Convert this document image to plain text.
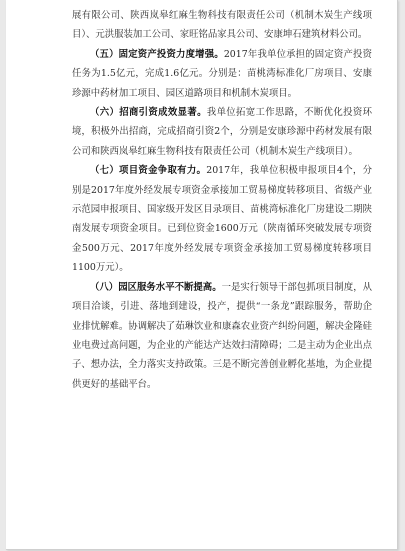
展有限公司、陕西岚皋红麻生物科技有限责任公司（机制木炭生产线项目）、元洪服装加工公司、家旺铭品家具公司、安康坤石建筑材料公司。

（五）固定资产投资力度增强。2017年我单位承担的固定资产投资任务为1.5亿元，完成1.6亿元。分别是：苗桃湾标准化厂房项目、安康珍源中药材加工项目、园区道路项目和机制木炭项目。

（六）招商引资成效显著。我单位拓宽工作思路，不断优化投资环境，积极外出招商，完成招商引资2个，分别是安康珍源中药材发展有限公司和陕西岚皋红麻生物科技有限责任公司（机制木炭生产线项目）。

（七）项目资金争取有力。2017年，我单位积极申报项目4个，分别是2017年度外经发展专项资金承接加工贸易梯度转移项目、省级产业示范园申报项目、国家级开发区目录项目、苗桃湾标准化厂房建设二期陕南发展专项资金项目。已到位资金1600万元（陕南循环突破发展专项资金500万元、2017年度外经发展专项资金承接加工贸易梯度转移项目1100万元）。

（八）园区服务水平不断提高。一是实行领导干部包抓项目制度，从项目洽谈，引进、落地到建设，投产，提供“一条龙”跟踪服务，帮助企业排忧解难。协调解决了茹琳饮业和康森农业资产纠纷问题，解决金隆硅业电费过高问题，为企业的产能达产达效扫清障碍；二是主动为企业出点子、想办法，全力落实支持政策。三是不断完善创业孵化基地，为企业提供更好的基础平台。
